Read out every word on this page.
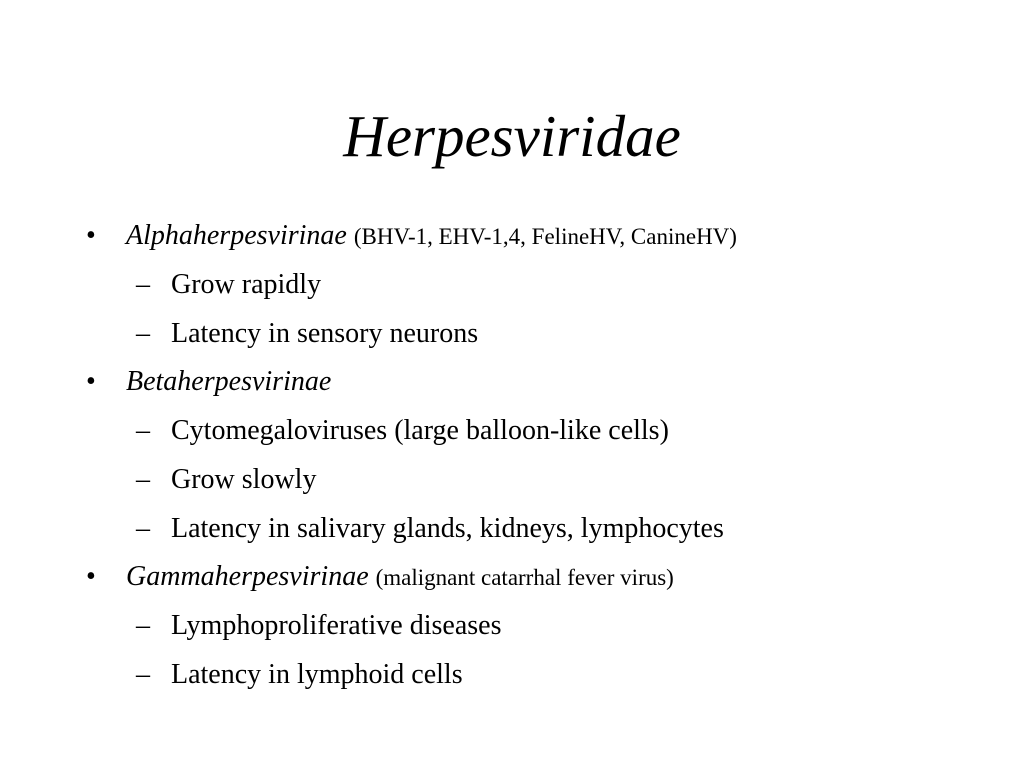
Herpesviridae
• Alphaherpesvirinae (BHV-1, EHV-1,4, FelineHV, CanineHV)
– Grow rapidly
– Latency in sensory neurons
• Betaherpesvirinae
– Cytomegaloviruses (large balloon-like cells)
– Grow slowly
– Latency in salivary glands, kidneys, lymphocytes
• Gammaherpesvirinae (malignant catarrhal fever virus)
– Lymphoproliferative diseases
– Latency in lymphoid cells
